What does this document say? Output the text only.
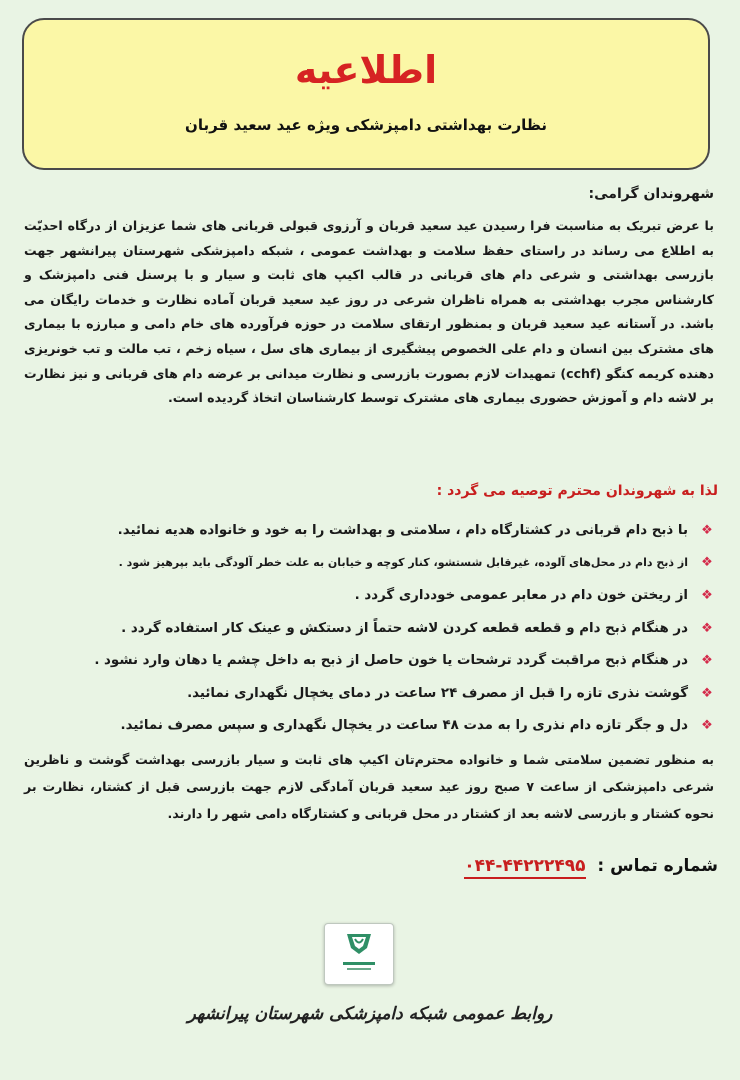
اطلاعیه
نظارت بهداشتی دامپزشکی ویژه عید سعید قربان
شهروندان گرامی:
با عرض تبریک به مناسبت فرا رسیدن عید سعید قربان و آرزوی قبولی قربانی های شما عزیزان از درگاه احدیّت به اطلاع می رساند در راستای حفظ سلامت و بهداشت عمومی ، شبکه دامپزشکی شهرستان پیرانشهر جهت بازرسی بهداشتی و شرعی دام های قربانی در قالب اکیپ های ثابت و سیار و با پرسنل فنی دامپزشک و کارشناس مجرب بهداشتی به همراه ناظران شرعی در روز عید سعید قربان آماده نظارت و خدمات رایگان می باشد. در آستانه عید سعید قربان و بمنظور ارتقای سلامت در حوزه فرآورده های خام دامی و مبارزه با بیماری های مشترک بین انسان و دام علی الخصوص پیشگیری از بیماری های سل ، سیاه زخم ، تب مالت و تب خونریزی دهنده کریمه کنگو (cchf) تمهیدات لازم بصورت بازرسی و نظارت میدانی بر عرضه دام های قربانی و نیز نظارت بر لاشه دام و آموزش حضوری بیماری های مشترک توسط کارشناسان اتخاذ گردیده است.
لذا به شهروندان محترم توصیه می گردد :
❖
با ذبح دام قربانی در کشتارگاه دام ، سلامتی و بهداشت را به خود و خانواده هدیه نمائید.
❖
از ذبح دام در محل‌های آلوده، غیرقابل شستشو، کنار کوچه و خیابان به علت خطر آلودگی باید بپرهیز شود .
❖
از ریختن خون دام در معابر عمومی خودداری گردد .
❖
در هنگام ذبح دام و قطعه قطعه کردن لاشه حتماً از دستکش و عینک کار استفاده گردد .
❖
در هنگام ذبح مراقبت گردد ترشحات یا خون حاصل از ذبح به داخل چشم یا دهان وارد نشود .
❖
گوشت نذری تازه را قبل از مصرف ۲۴ ساعت در دمای یخچال نگهداری نمائید.
❖
دل و جگر تازه دام نذری را به مدت ۴۸ ساعت در یخچال نگهداری و سپس مصرف نمائید.
به منظور تضمین سلامتی شما و خانواده محترم‌تان اکیپ های ثابت و سیار بازرسی بهداشت گوشت و ناظرین شرعی دامپزشکی از ساعت ۷ صبح روز عید سعید قربان آمادگی لازم جهت بازرسی قبل از کشتار، نظارت بر نحوه کشتار و بازرسی لاشه بعد از کشتار در محل قربانی و کشتارگاه دامی شهر را دارند.
شماره تماس : ۰۴۴-۴۴۲۲۲۴۹۵
روابط عمومی شبکه دامپزشکی شهرستان پیرانشهر
